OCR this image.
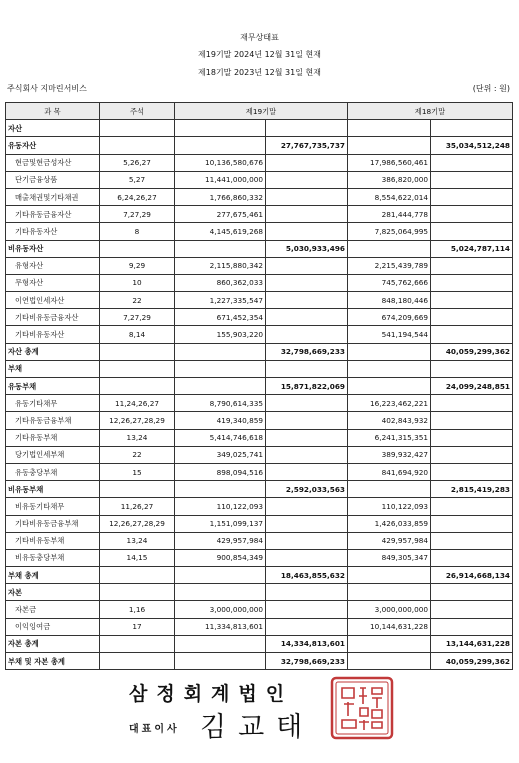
재무상태표
제19기말 2024년 12월 31일 현재
제18기말 2023년 12월 31일 현재
주식회사 지마린서비스	(단위 : 원)
과 목	주석	제19기말		제18기말	
자산					
유동자산			27,767,735,737		35,034,512,248
현금및현금성자산	5,26,27	10,136,580,676		17,986,560,461	
단기금융상품	5,27	11,441,000,000		386,820,000	
매출채권및기타채권	6,24,26,27	1,766,860,332		8,554,622,014	
기타유동금융자산	7,27,29	277,675,461		281,444,778	
기타유동자산	8	4,145,619,268		7,825,064,995	
비유동자산			5,030,933,496		5,024,787,114
유형자산	9,29	2,115,880,342		2,215,439,789	
무형자산	10	860,362,033		745,762,666	
이연법인세자산	22	1,227,335,547		848,180,446	
기타비유동금융자산	7,27,29	671,452,354		674,209,669	
기타비유동자산	8,14	155,903,220		541,194,544	
자산 총계			32,798,669,233		40,059,299,362
부채					
유동부채			15,871,822,069		24,099,248,851
유동기타채무	11,24,26,27	8,790,614,335		16,223,462,221	
기타유동금융부채	12,26,27,28,29	419,340,859		402,843,932	
기타유동부채	13,24	5,414,746,618		6,241,315,351	
당기법인세부채	22	349,025,741		389,932,427	
유동충당부채	15	898,094,516		841,694,920	
비유동부채			2,592,033,563		2,815,419,283
비유동기타채무	11,26,27	110,122,093		110,122,093	
기타비유동금융부채	12,26,27,28,29	1,151,099,137		1,426,033,859	
기타비유동부채	13,24	429,957,984		429,957,984	
비유동충당부채	14,15	900,854,349		849,305,347	
부채 총계			18,463,855,632		26,914,668,134
자본					
자본금	1,16	3,000,000,000		3,000,000,000	
이익잉여금	17	11,334,813,601		10,144,631,228	
자본 총계			14,334,813,601		13,144,631,228
부채 및 자본 총계			32,798,669,233		40,059,299,362
삼정회계법인
대표이사 김교태
